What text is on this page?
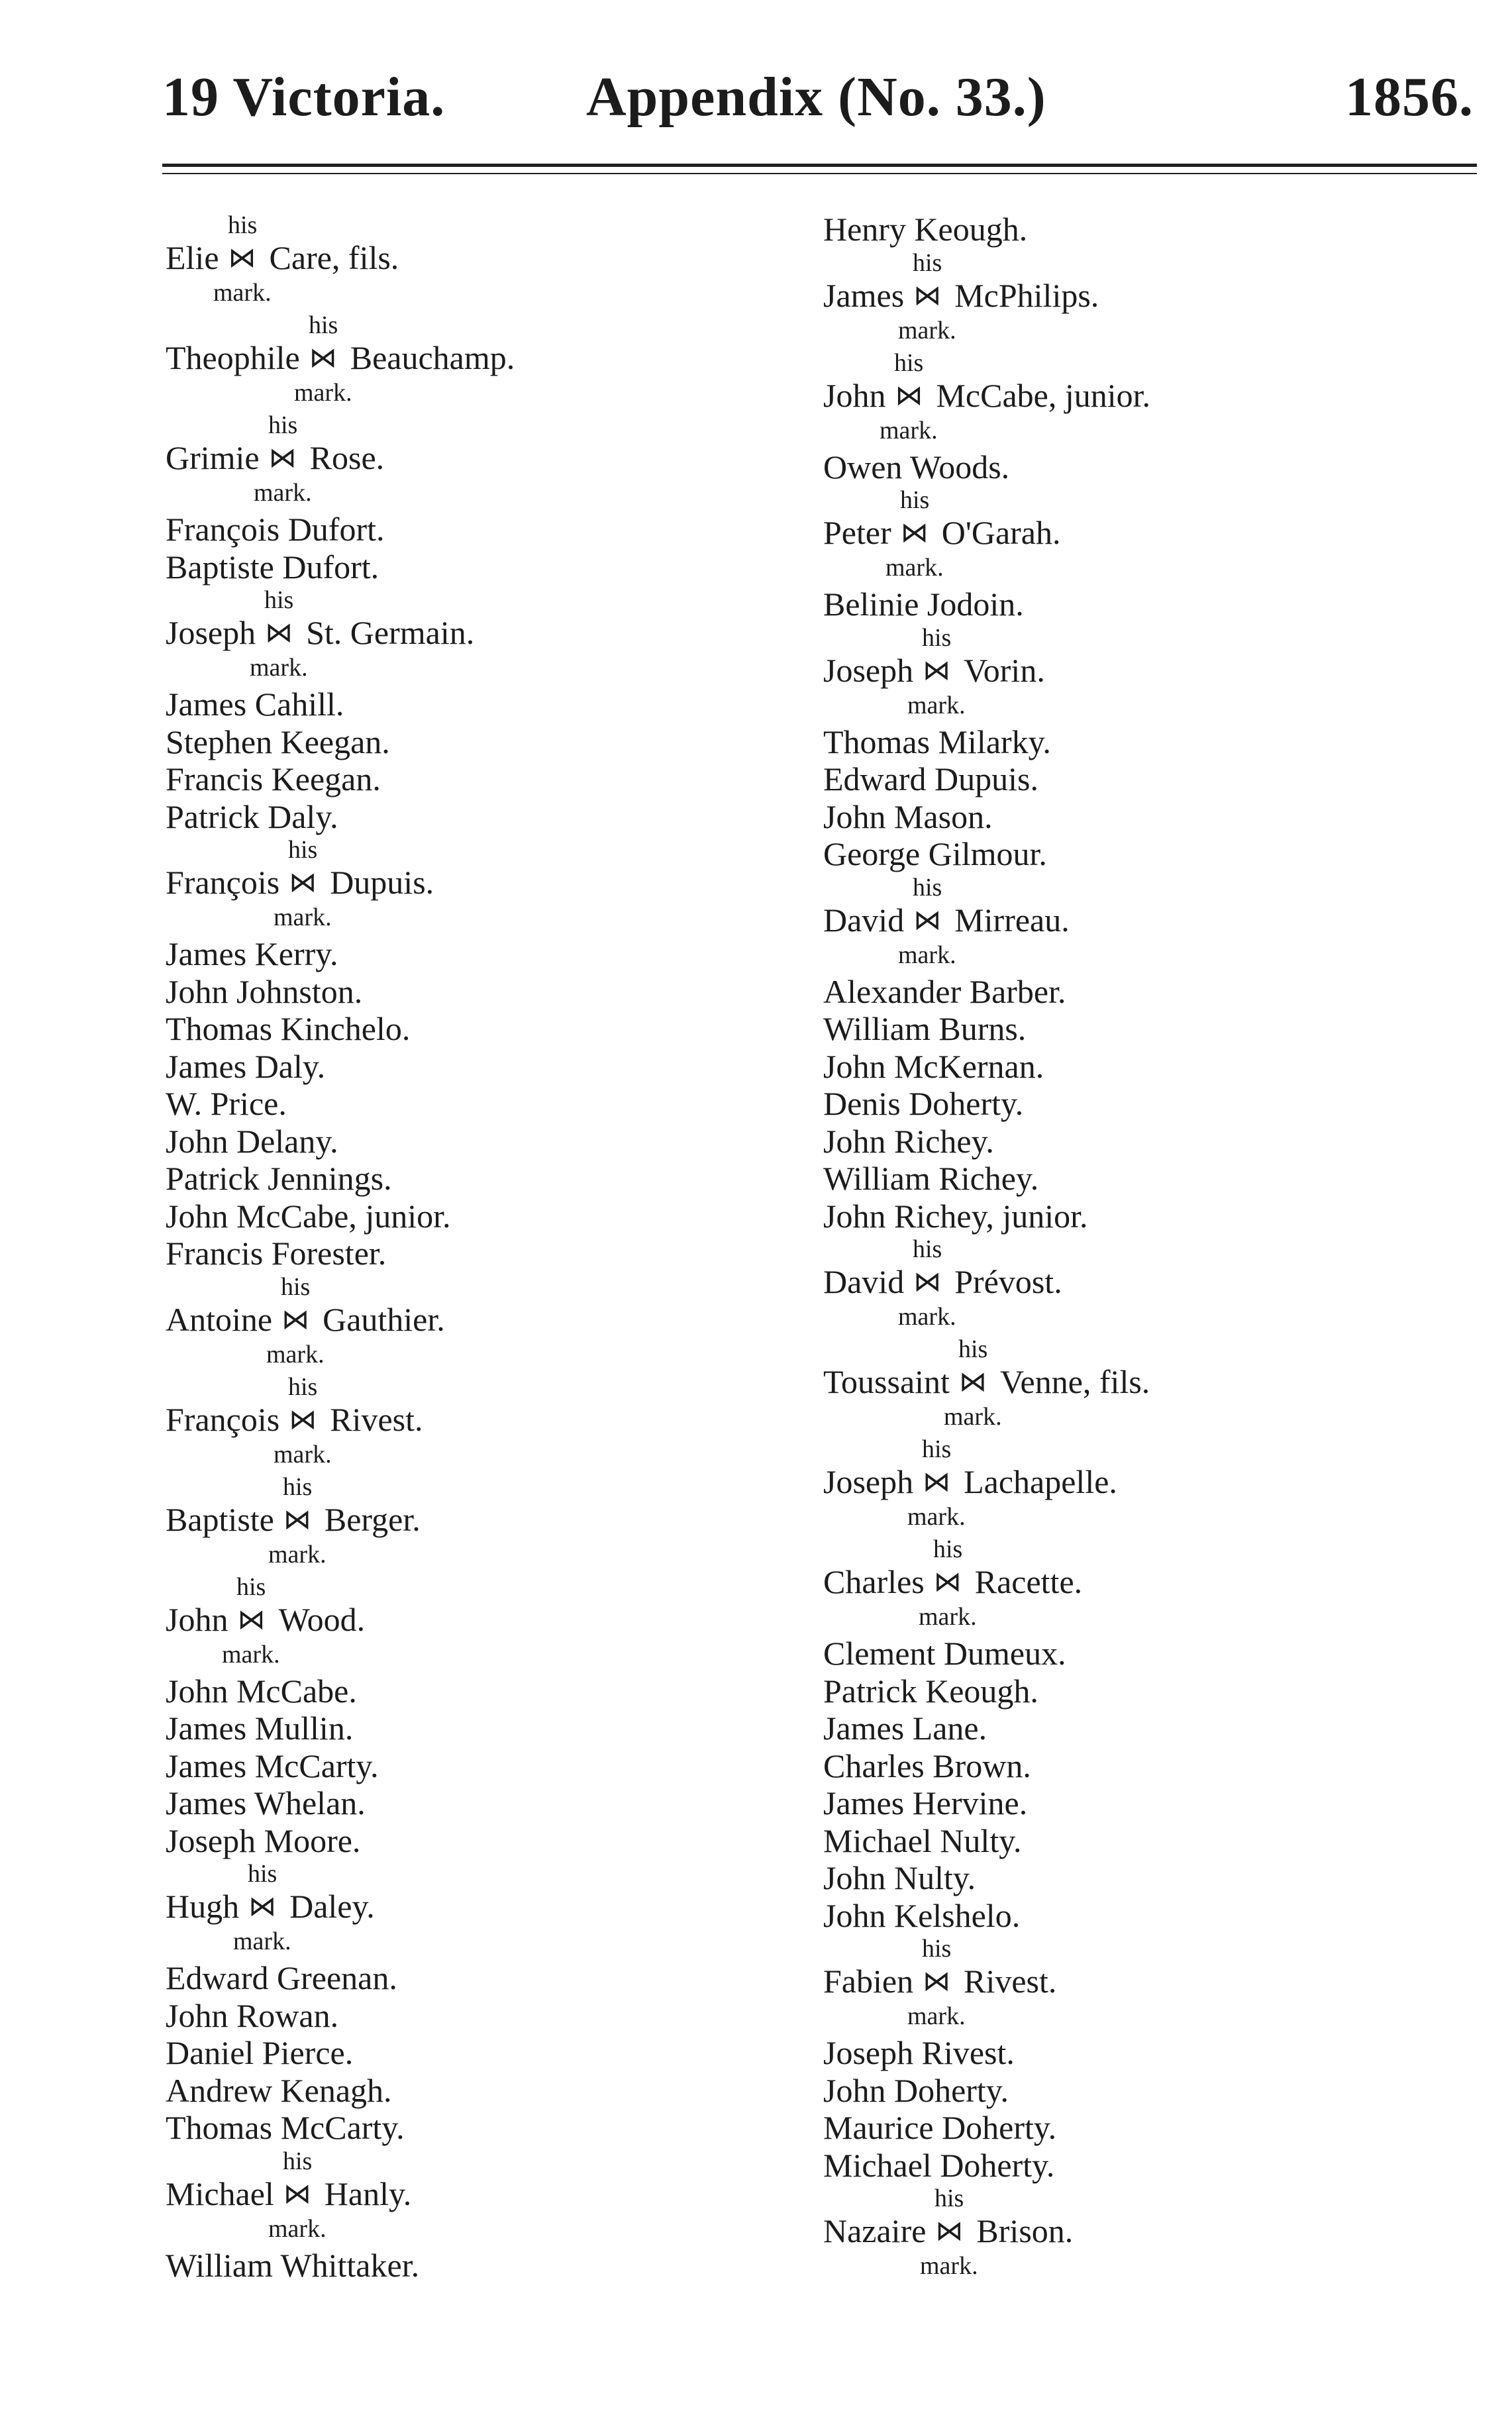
19 Victoria.	Appendix (No. 33.)	1856.
his
Elie ⋈ Care, fils.
mark.
his
Theophile ⋈ Beauchamp.
mark.
his
Grimie ⋈ Rose.
mark.
François Dufort.
Baptiste Dufort.
his
Joseph ⋈ St. Germain.
mark.
James Cahill.
Stephen Keegan.
Francis Keegan.
Patrick Daly.
his
François ⋈ Dupuis.
mark.
James Kerry.
John Johnston.
Thomas Kinchelo.
James Daly.
W. Price.
John Delany.
Patrick Jennings.
John McCabe, junior.
Francis Forester.
his
Antoine ⋈ Gauthier.
mark.
his
François ⋈ Rivest.
mark.
his
Baptiste ⋈ Berger.
mark.
his
John ⋈ Wood.
mark.
John McCabe.
James Mullin.
James McCarty.
James Whelan.
Joseph Moore.
his
Hugh ⋈ Daley.
mark.
Edward Greenan.
John Rowan.
Daniel Pierce.
Andrew Kenagh.
Thomas McCarty.
his
Michael ⋈ Hanly.
mark.
William Whittaker.
Henry Keough.
his
James ⋈ McPhilips.
mark.
his
John ⋈ McCabe, junior.
mark.
Owen Woods.
his
Peter ⋈ O'Garah.
mark.
Belinie Jodoin.
his
Joseph ⋈ Vorin.
mark.
Thomas Milarky.
Edward Dupuis.
John Mason.
George Gilmour.
his
David ⋈ Mirreau.
mark.
Alexander Barber.
William Burns.
John McKernan.
Denis Doherty.
John Richey.
William Richey.
John Richey, junior.
his
David ⋈ Prévost.
mark.
his
Toussaint ⋈ Venne, fils.
mark.
his
Joseph ⋈ Lachapelle.
mark.
his
Charles ⋈ Racette.
mark.
Clement Dumeux.
Patrick Keough.
James Lane.
Charles Brown.
James Hervine.
Michael Nulty.
John Nulty.
John Kelshelo.
his
Fabien ⋈ Rivest.
mark.
Joseph Rivest.
John Doherty.
Maurice Doherty.
Michael Doherty.
his
Nazaire ⋈ Brison.
mark.
